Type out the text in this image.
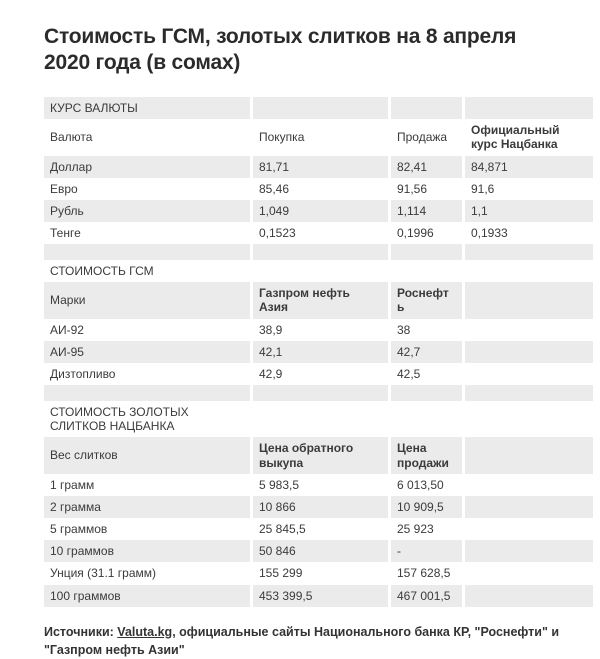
Стоимость ГСМ, золотых слитков на 8 апреля 2020 года (в сомах)
КУРС ВАЛЮТЫ			
Валюта	Покупка	Продажа	Официальный курс Нацбанка
Доллар	81,71	82,41	84,871
Евро	85,46	91,56	91,6
Рубль	1,049	1,114	1,1
Тенге	0,1523	0,1996	0,1933

СТОИМОСТЬ ГСМ			
Марки	Газпром нефть Азия	Роснефть	
АИ-92	38,9	38	
АИ-95	42,1	42,7	
Дизтопливо	42,9	42,5	

СТОИМОСТЬ ЗОЛОТЫХ СЛИТКОВ НАЦБАНКА			
Вес слитков	Цена обратного выкупа	Цена продажи	
1 грамм	5 983,5	6 013,50	
2 грамма	10 866	10 909,5	
5 граммов	25 845,5	25 923	
10 граммов	50 846	-	
Унция (31.1 грамм)	155 299	157 628,5	
100 граммов	453 399,5	467 001,5	

Источники: Valuta.kg, официальные сайты Национального банка КР, "Роснефти" и "Газпром нефть Азии"
